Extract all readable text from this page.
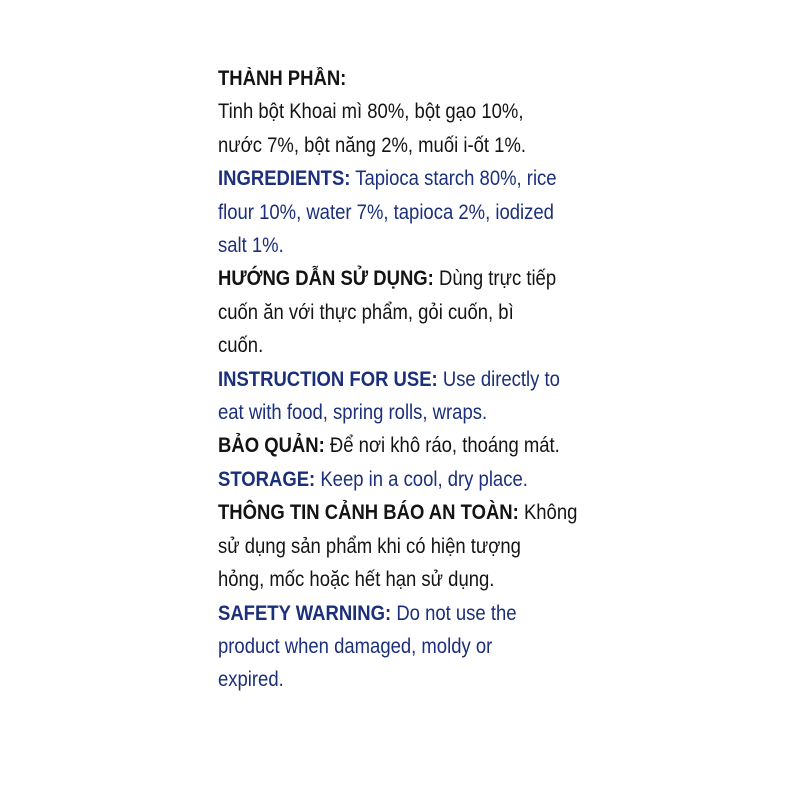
THÀNH PHẦN:
Tinh bột Khoai mì 80%, bột gạo 10%,
nước 7%, bột năng 2%, muối i-ốt 1%.
INGREDIENTS: Tapioca starch 80%, rice
flour 10%, water 7%, tapioca 2%, iodized
salt 1%.
HƯỚNG DẪN SỬ DỤNG: Dùng trực tiếp
cuốn ăn với thực phẩm, gỏi cuốn, bì
cuốn.
INSTRUCTION FOR USE: Use directly to
eat with food, spring rolls, wraps.
BẢO QUẢN: Để nơi khô ráo, thoáng mát.
STORAGE: Keep in a cool, dry place.
THÔNG TIN CẢNH BÁO AN TOÀN: Không
sử dụng sản phẩm khi có hiện tượng
hỏng, mốc hoặc hết hạn sử dụng.
SAFETY WARNING: Do not use the
product when damaged, moldy or
expired.
